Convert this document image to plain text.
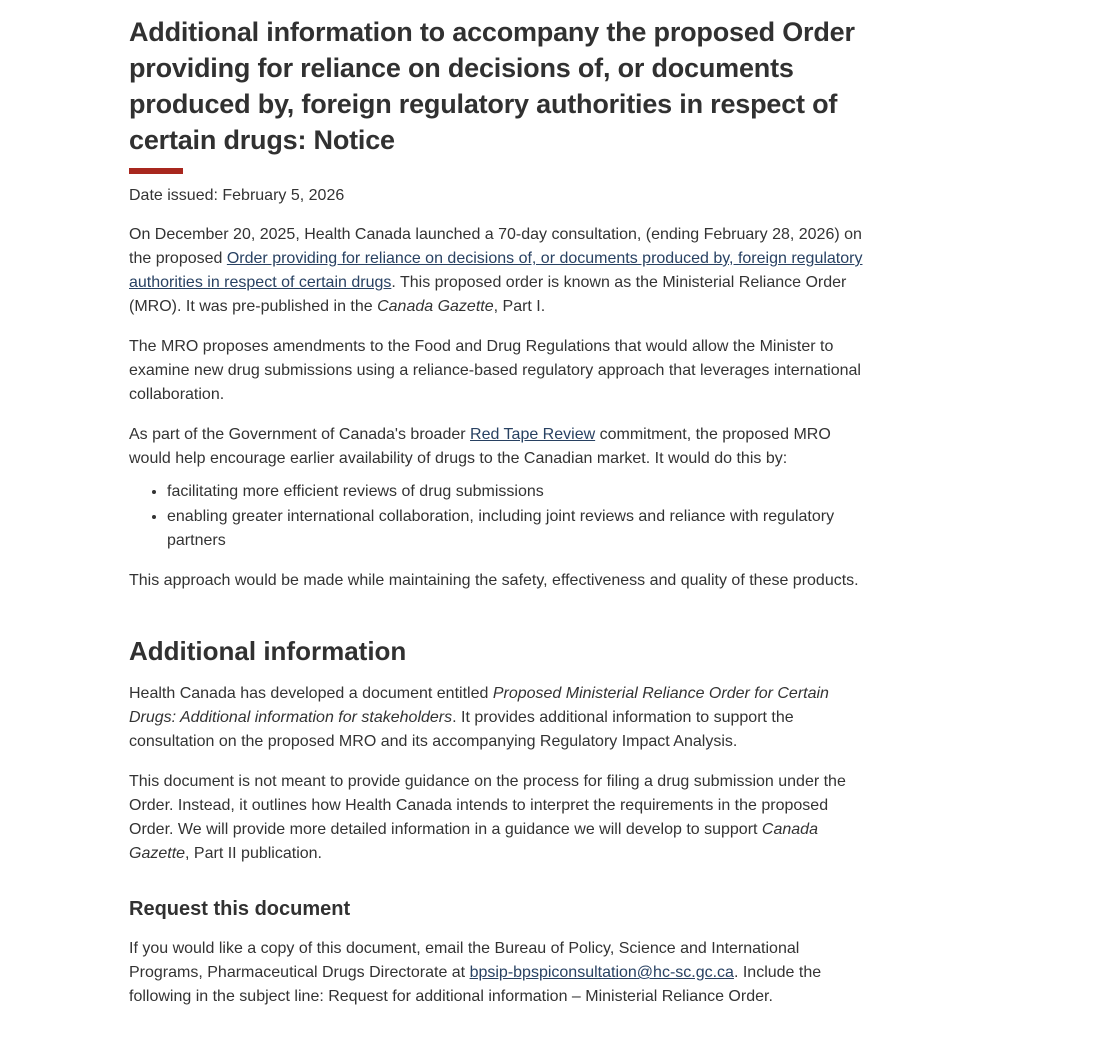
Additional information to accompany the proposed Order providing for reliance on decisions of, or documents produced by, foreign regulatory authorities in respect of certain drugs: Notice

Date issued: February 5, 2026

On December 20, 2025, Health Canada launched a 70-day consultation, (ending February 28, 2026) on the proposed Order providing for reliance on decisions of, or documents produced by, foreign regulatory authorities in respect of certain drugs. This proposed order is known as the Ministerial Reliance Order (MRO). It was pre-published in the Canada Gazette, Part I.

The MRO proposes amendments to the Food and Drug Regulations that would allow the Minister to examine new drug submissions using a reliance-based regulatory approach that leverages international collaboration.

As part of the Government of Canada's broader Red Tape Review commitment, the proposed MRO would help encourage earlier availability of drugs to the Canadian market. It would do this by:

• facilitating more efficient reviews of drug submissions
• enabling greater international collaboration, including joint reviews and reliance with regulatory partners

This approach would be made while maintaining the safety, effectiveness and quality of these products.

Additional information

Health Canada has developed a document entitled Proposed Ministerial Reliance Order for Certain Drugs: Additional information for stakeholders. It provides additional information to support the consultation on the proposed MRO and its accompanying Regulatory Impact Analysis.

This document is not meant to provide guidance on the process for filing a drug submission under the Order. Instead, it outlines how Health Canada intends to interpret the requirements in the proposed Order. We will provide more detailed information in a guidance we will develop to support Canada Gazette, Part II publication.

Request this document

If you would like a copy of this document, email the Bureau of Policy, Science and International Programs, Pharmaceutical Drugs Directorate at bpsip-bpspiconsultation@hc-sc.gc.ca. Include the following in the subject line: Request for additional information – Ministerial Reliance Order.
